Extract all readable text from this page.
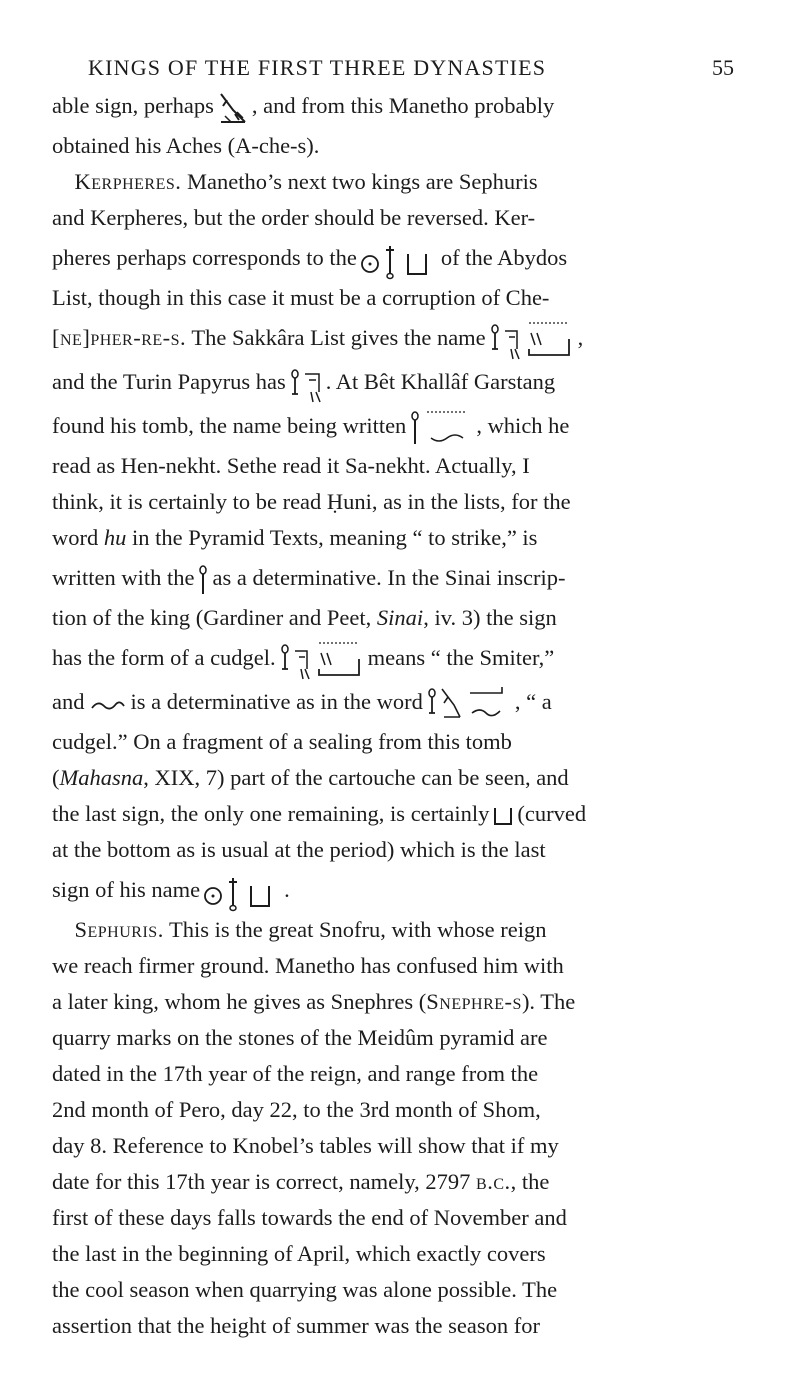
KINGS OF THE FIRST THREE DYNASTIES	55
able sign, perhaps , and from this Manetho probably
obtained his Aches (A-che-s).
 Kerpheres. Manetho’s next two kings are Sephuris
and Kerpheres, but the order should be reversed. Ker-
pheres perhaps corresponds to the	of the Abydos
List, though in this case it must be a corruption of Che-
[ne]pher-re-s. The Sakkâra List gives the name	,
and the Turin Papyrus has . At Bêt Khallâf Garstang
found his tomb, the name being written	, which he
read as Hen-nekht. Sethe read it Sa-nekht. Actually, I
think, it is certainly to be read Ḥuni, as in the lists, for the
word hu in the Pyramid Texts, meaning “ to strike,” is
written with the as a determinative. In the Sinai inscrip-
tion of the king (Gardiner and Peet, Sinai, iv. 3) the sign
has the form of a cudgel.	means “ the Smiter,”
and is a determinative as in the word	, “ a
cudgel.” On a fragment of a sealing from this tomb
(Mahasna, XIX, 7) part of the cartouche can be seen, and
the last sign, the only one remaining, is certainly (curved
at the bottom as is usual at the period) which is the last
sign of his name	.
 Sephuris. This is the great Snofru, with whose reign
we reach firmer ground. Manetho has confused him with
a later king, whom he gives as Snephres (Snephre-s). The
quarry marks on the stones of the Meidûm pyramid are
dated in the 17th year of the reign, and range from the
2nd month of Pero, day 22, to the 3rd month of Shom,
day 8. Reference to Knobel’s tables will show that if my
date for this 17th year is correct, namely, 2797 b.c., the
first of these days falls towards the end of November and
the last in the beginning of April, which exactly covers
the cool season when quarrying was alone possible. The
assertion that the height of summer was the season for
